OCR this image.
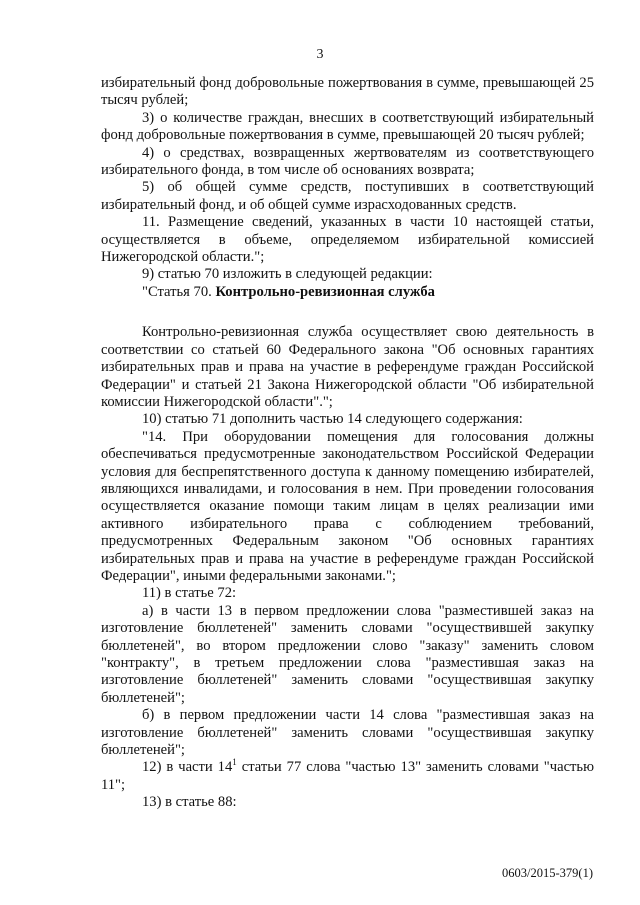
3

избирательный фонд добровольные пожертвования в сумме, превышающей 25 тысяч рублей;

3) о количестве граждан, внесших в соответствующий избирательный фонд добровольные пожертвования в сумме, превышающей 20 тысяч рублей;

4) о средствах, возвращенных жертвователям из соответствующего избирательного фонда, в том числе об основаниях возврата;

5) об общей сумме средств, поступивших в соответствующий избирательный фонд, и об общей сумме израсходованных средств.

11. Размещение сведений, указанных в части 10 настоящей статьи, осуществляется в объеме, определяемом избирательной комиссией Нижегородской области.";

9) статью 70 изложить в следующей редакции:

"Статья 70. Контрольно-ревизионная служба

Контрольно-ревизионная служба осуществляет свою деятельность в соответствии со статьей 60 Федерального закона "Об основных гарантиях избирательных прав и права на участие в референдуме граждан Российской Федерации" и статьей 21 Закона Нижегородской области "Об избирательной комиссии Нижегородской области".";

10) статью 71 дополнить частью 14 следующего содержания:

"14. При оборудовании помещения для голосования должны обеспечиваться предусмотренные законодательством Российской Федерации условия для беспрепятственного доступа к данному помещению избирателей, являющихся инвалидами, и голосования в нем. При проведении голосования осуществляется оказание помощи таким лицам в целях реализации ими активного избирательного права с соблюдением требований, предусмотренных Федеральным законом "Об основных гарантиях избирательных прав и права на участие в референдуме граждан Российской Федерации", иными федеральными законами.";

11) в статье 72:

а) в части 13 в первом предложении слова "разместившей заказ на изготовление бюллетеней" заменить словами "осуществившей закупку бюллетеней", во втором предложении слово "заказу" заменить словом "контракту", в третьем предложении слова "разместившая заказ на изготовление бюллетеней" заменить словами "осуществившая закупку бюллетеней";

б) в первом предложении части 14 слова "разместившая заказ на изготовление бюллетеней" заменить словами "осуществившая закупку бюллетеней";

12) в части $14^1$ статьи 77 слова "частью 13" заменить словами "частью 11";

13) в статье 88:

0603/2015-379(1)
